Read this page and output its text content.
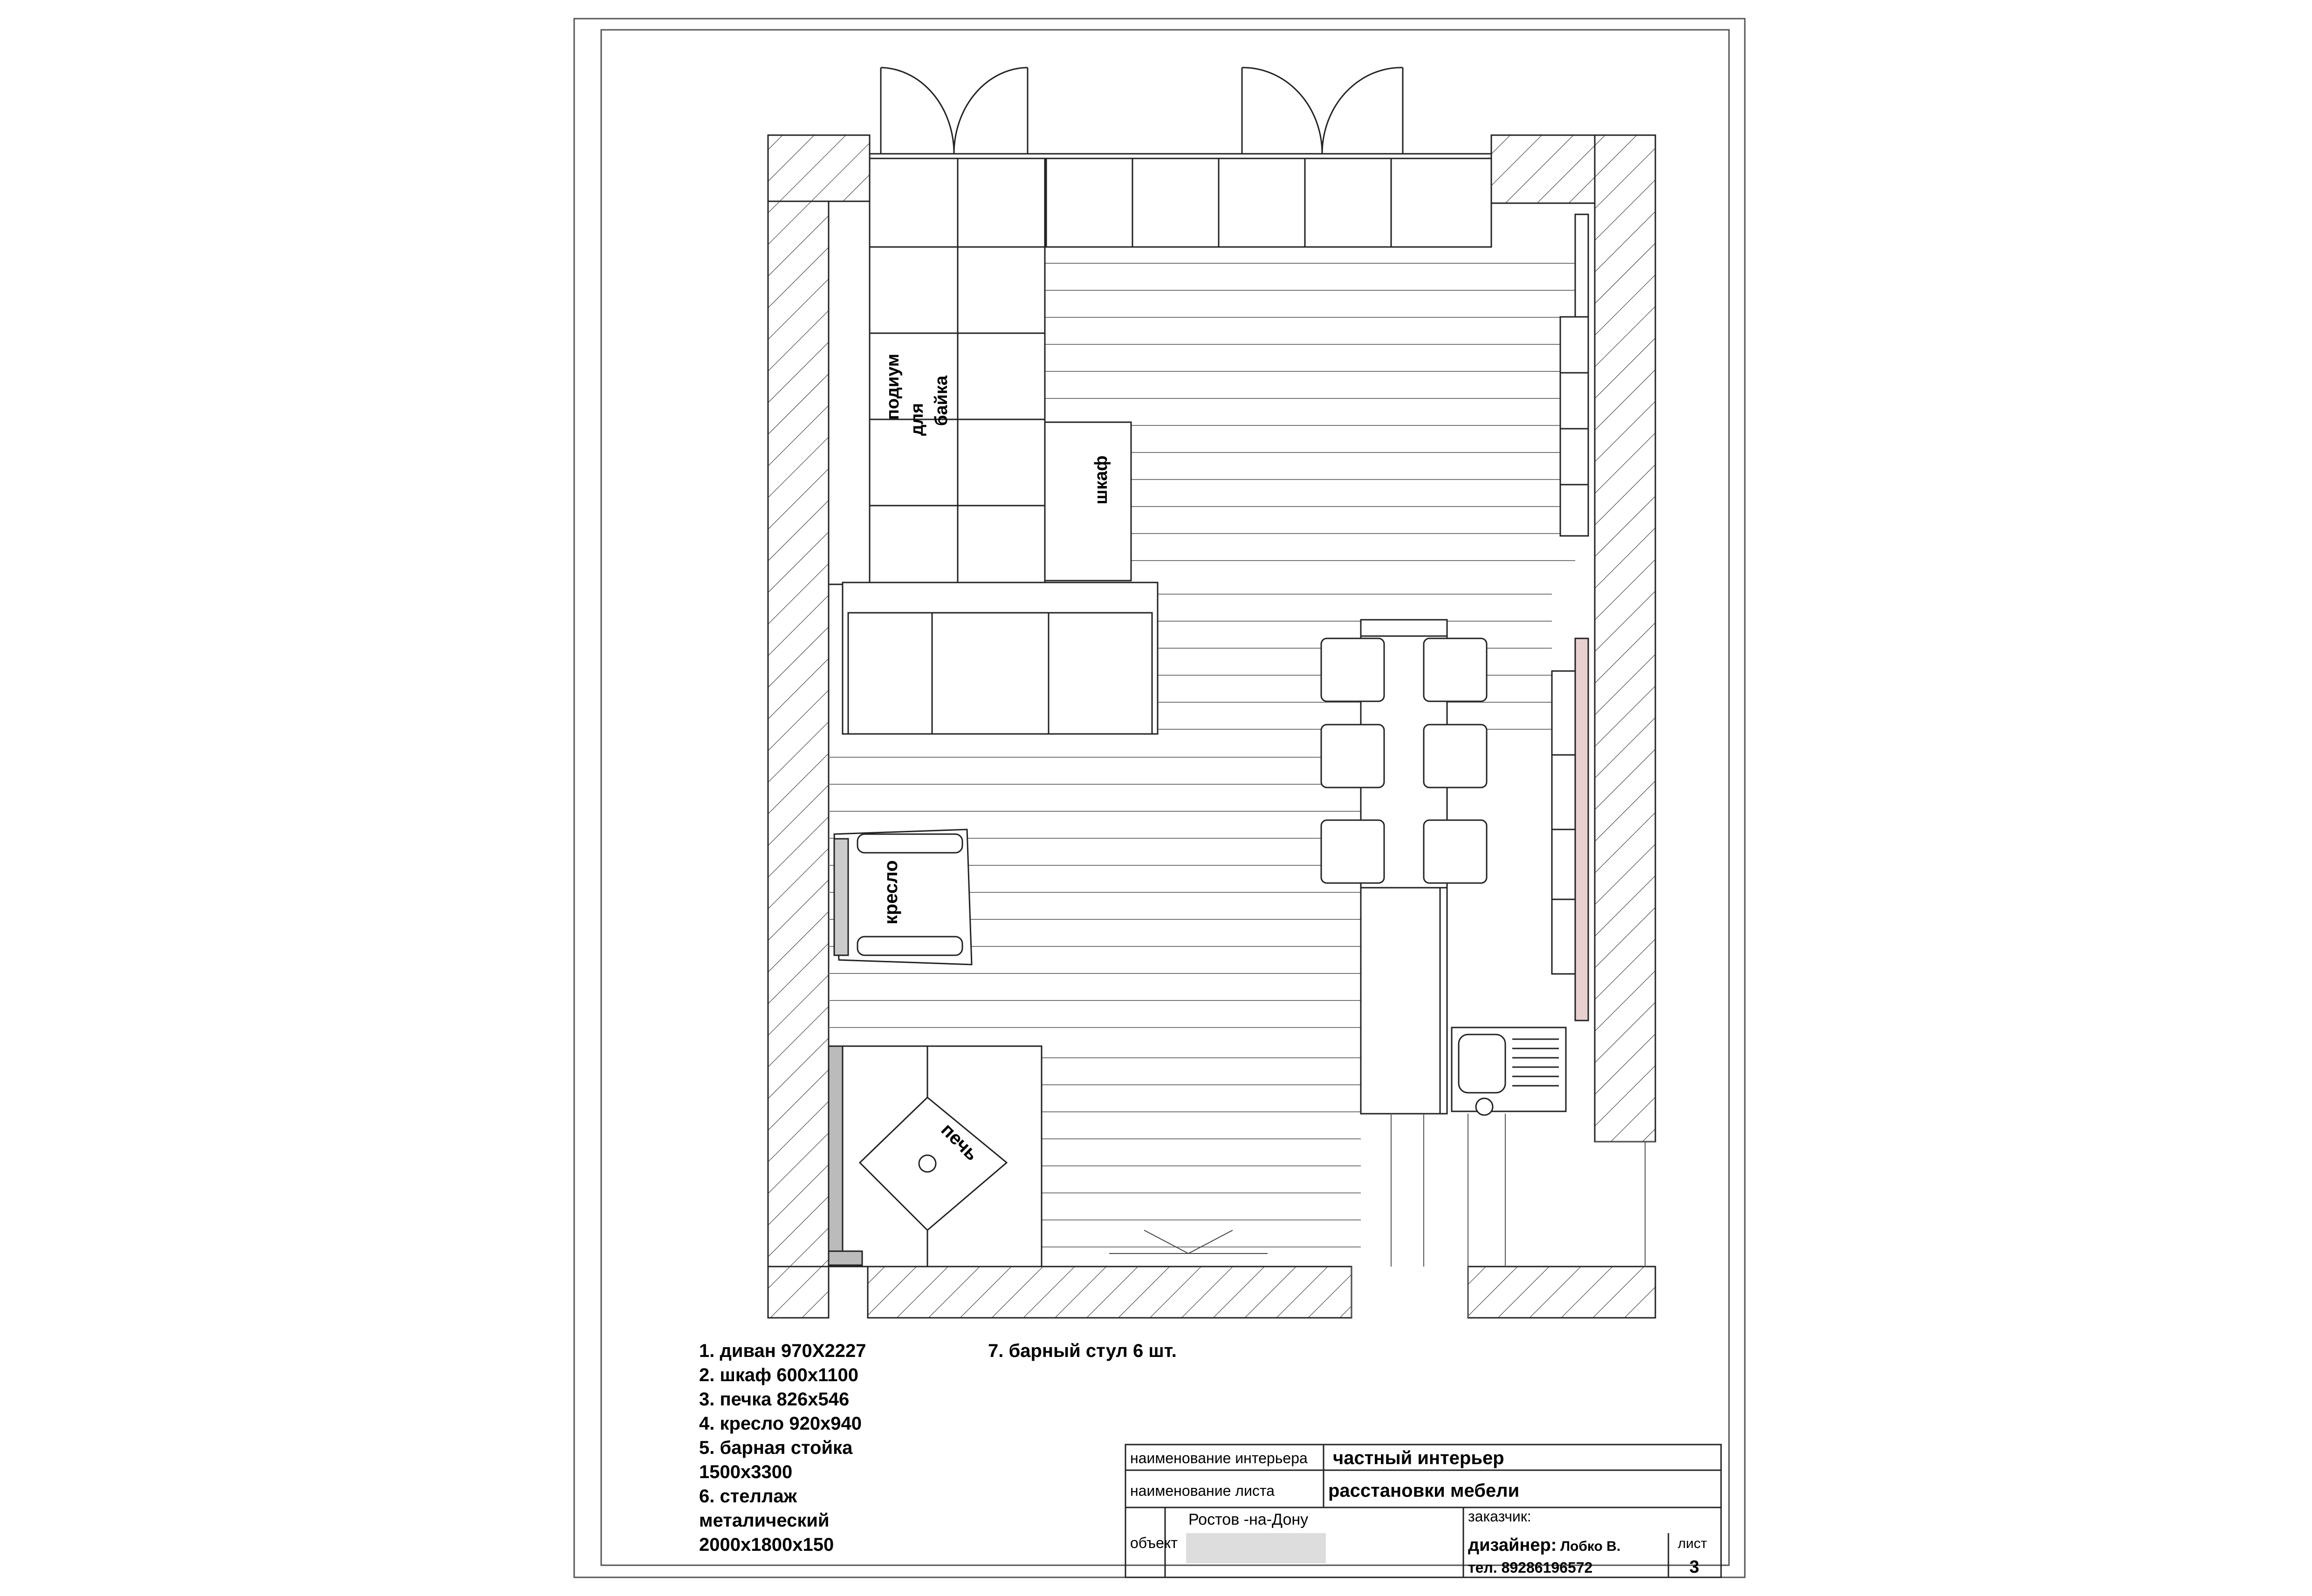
подиум для байка
шкаф
кресло
печь
1. диван 970Х2227
2. шкаф 600х1100
3. печка 826х546
4. кресло 920х940
5. барная стойка
1500х3300
6. стеллаж
металический
2000х1800х150
7. барный стул 6 шт.
наименование интерьера частный интерьер
наименование листа	расстановки мебели
объект
Ростов -на-Дону	заказчик:
дизайнер: Лобко В.
тел. 89286196572
лист
3
